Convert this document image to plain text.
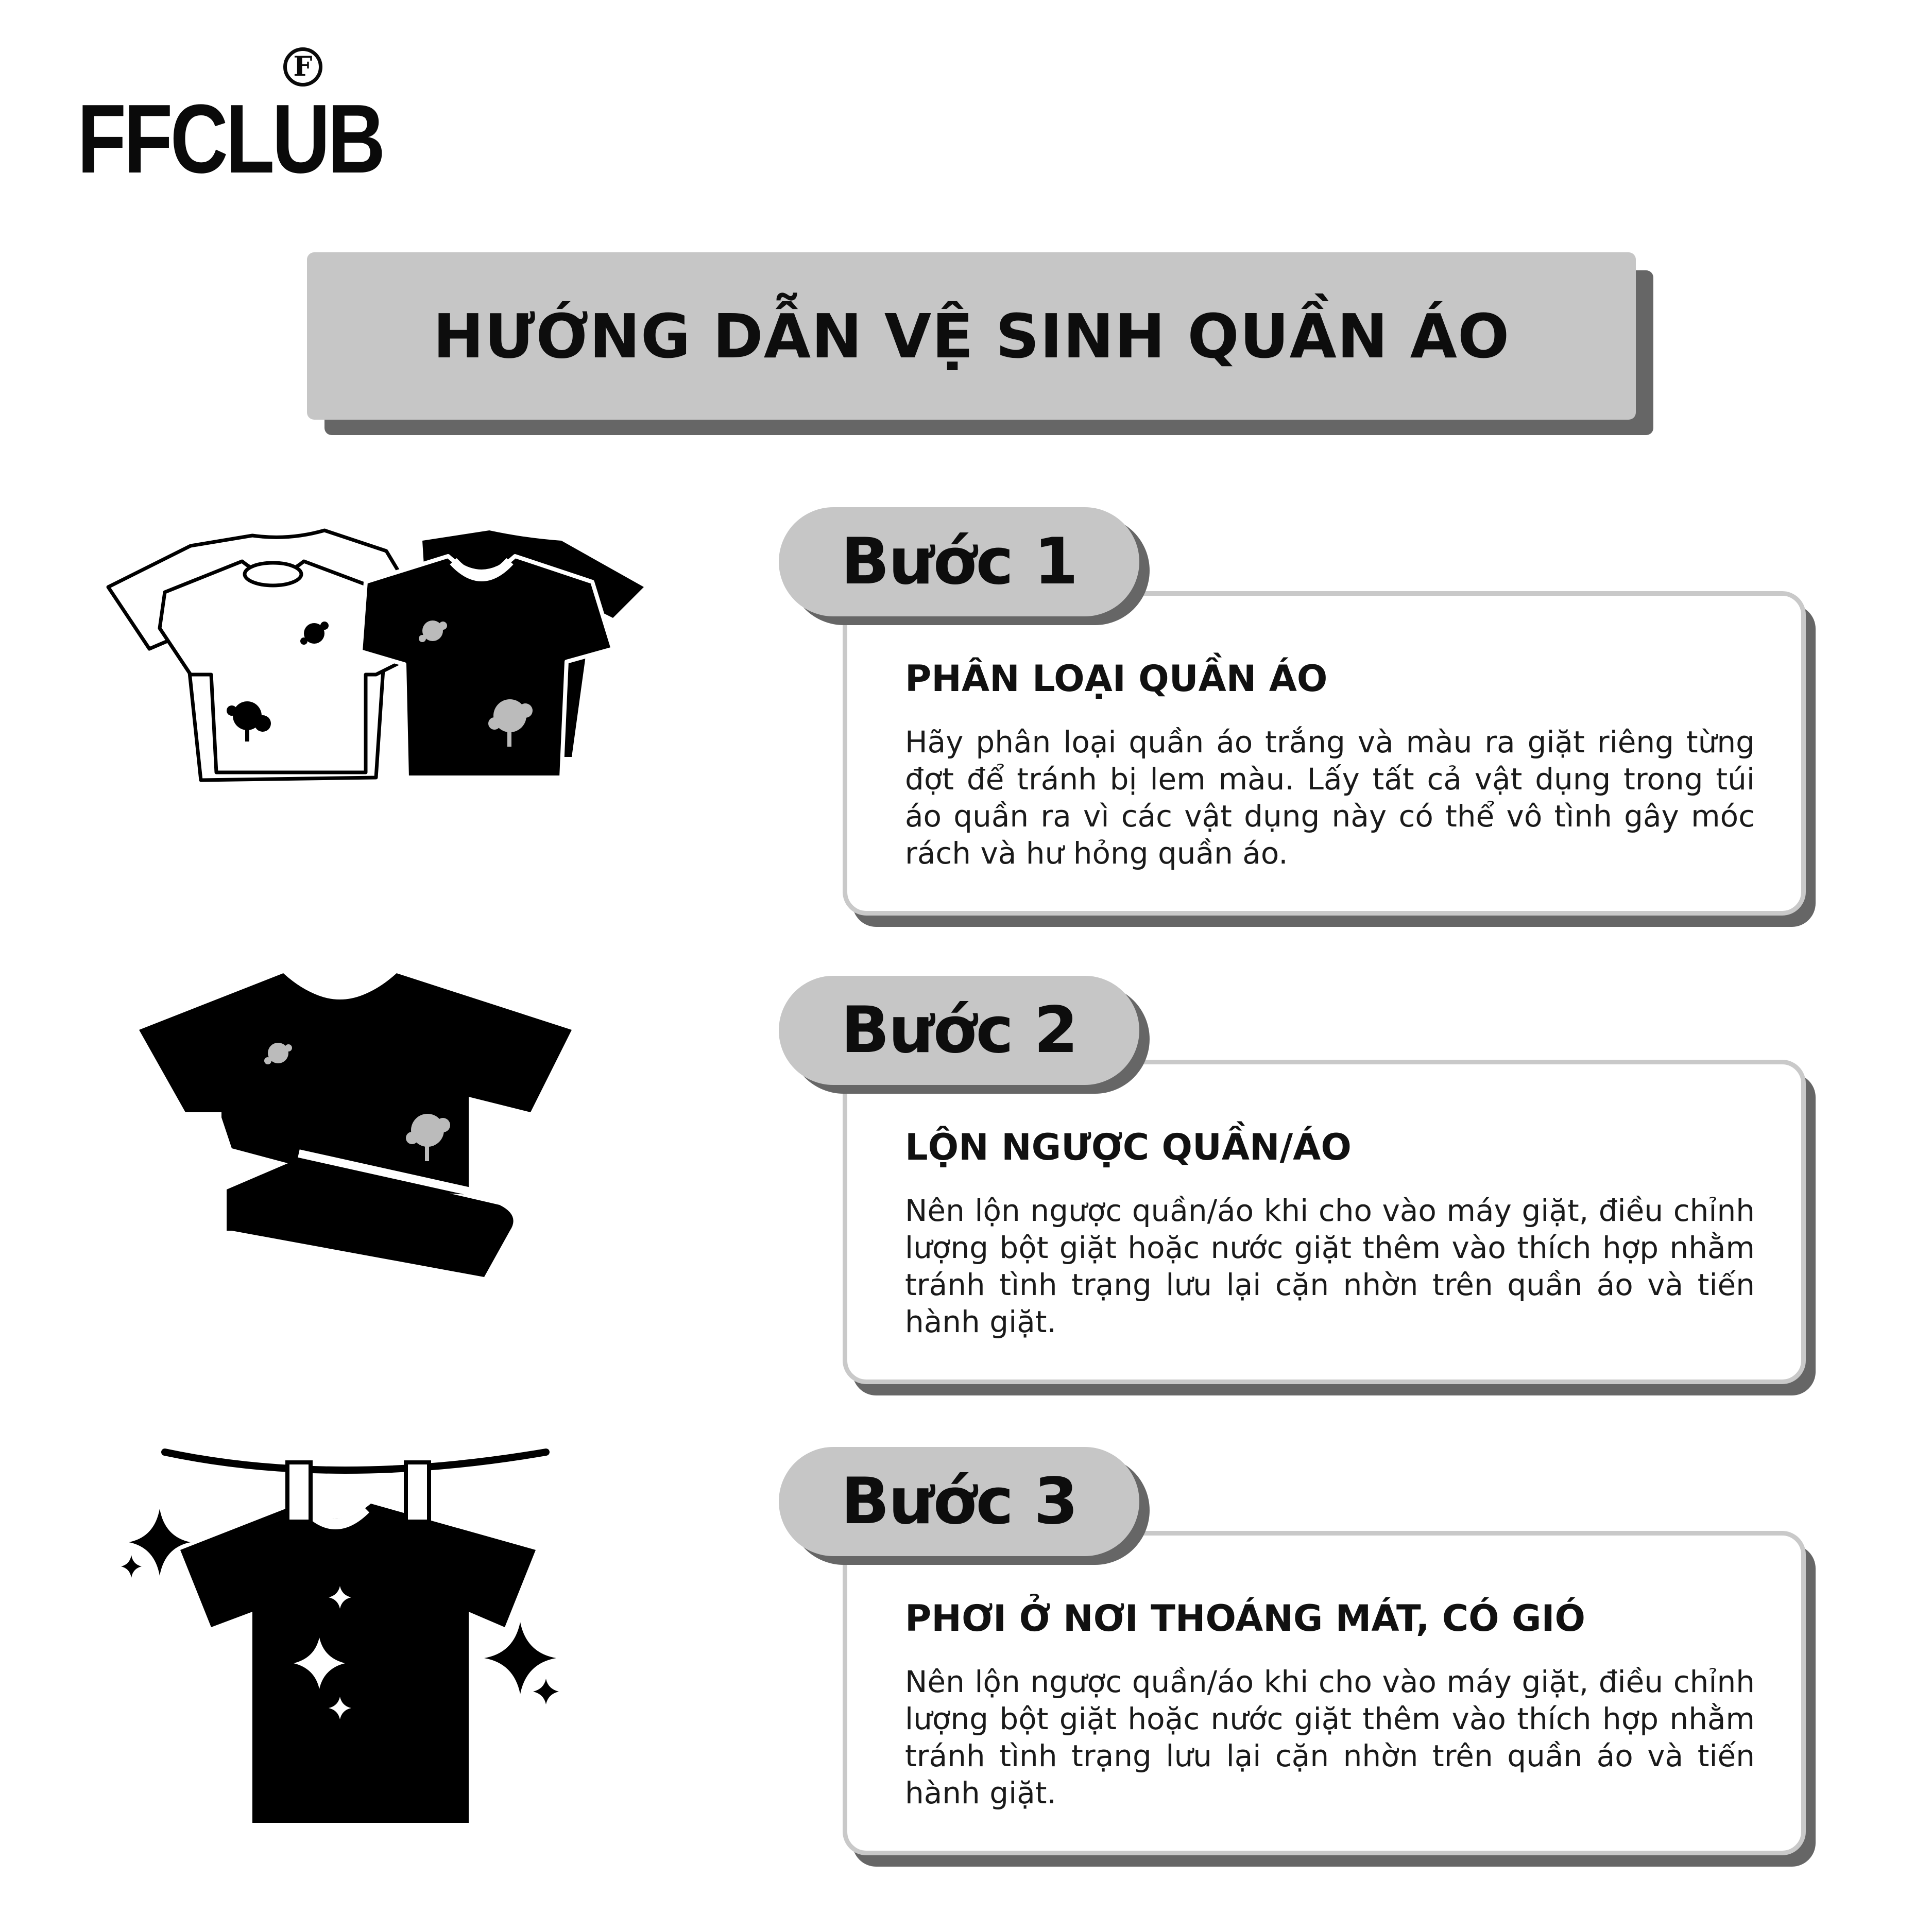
F
FFCLUB
HƯỚNG DẪN VỆ SINH QUẦN ÁO
PHÂN LOẠI QUẦN ÁO
Hãy phân loại quần áo trắng và màu ra giặt riêng từng đợt để tránh bị lem màu. Lấy tất cả vật dụng trong túi áo quần ra vì các vật dụng này có thể vô tình gây móc rách và hư hỏng quần áo.
Bước 1
LỘN NGƯỢC QUẦN/ÁO
Nên lộn ngược quần/áo khi cho vào máy giặt, điều chỉnh lượng bột giặt hoặc nước giặt thêm vào thích hợp nhằm tránh tình trạng lưu lại cặn nhờn trên quần áo và tiến hành giặt.
Bước 2
PHƠI Ở NƠI THOÁNG MÁT, CÓ GIÓ
Nên lộn ngược quần/áo khi cho vào máy giặt, điều chỉnh lượng bột giặt hoặc nước giặt thêm vào thích hợp nhằm tránh tình trạng lưu lại cặn nhờn trên quần áo và tiến hành giặt.
Bước 3
